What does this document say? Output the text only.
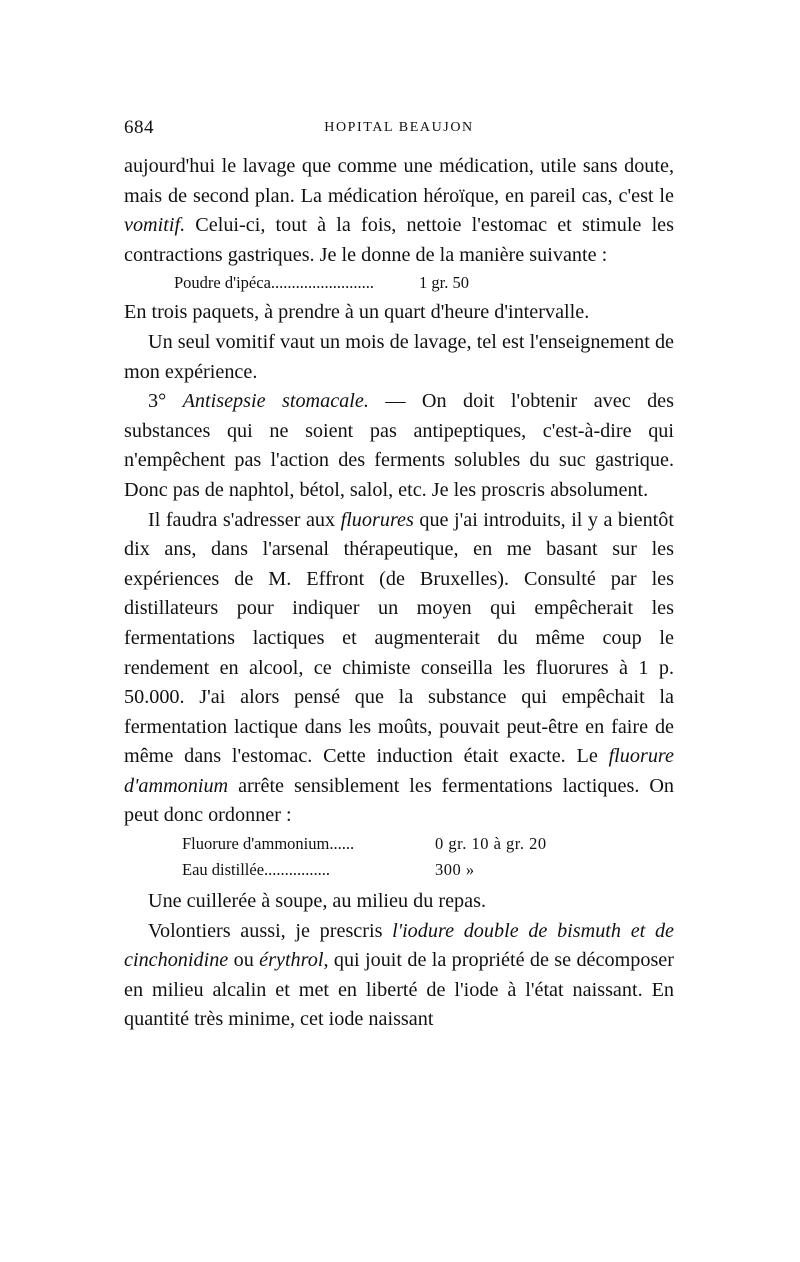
684	HOPITAL BEAUJON

aujourd'hui le lavage que comme une médication, utile sans doute, mais de second plan. La médication héroïque, en pareil cas, c'est le vomitif. Celui-ci, tout à la fois, nettoie l'estomac et stimule les contractions gastriques. Je le donne de la manière suivante :

Poudre d'ipéca.........................	1 gr. 50

En trois paquets, à prendre à un quart d'heure d'intervalle.

Un seul vomitif vaut un mois de lavage, tel est l'enseignement de mon expérience.

3° Antisepsie stomacale. — On doit l'obtenir avec des substances qui ne soient pas antipeptiques, c'est-à-dire qui n'empêchent pas l'action des ferments solubles du suc gastrique. Donc pas de naphtol, bétol, salol, etc. Je les proscris absolument.

Il faudra s'adresser aux fluorures que j'ai introduits, il y a bientôt dix ans, dans l'arsenal thérapeutique, en me basant sur les expériences de M. Effront (de Bruxelles). Consulté par les distillateurs pour indiquer un moyen qui empêcherait les fermentations lactiques et augmenterait du même coup le rendement en alcool, ce chimiste conseilla les fluorures à 1 p. 50.000. J'ai alors pensé que la substance qui empêchait la fermentation lactique dans les moûts, pouvait peut-être en faire de même dans l'estomac. Cette induction était exacte. Le fluorure d'ammonium arrête sensiblement les fermentations lactiques. On peut donc ordonner :

Fluorure d'ammonium......	0 gr. 10 à gr. 20
Eau distillée................	300 »

Une cuillerée à soupe, au milieu du repas.

Volontiers aussi, je prescris l'iodure double de bismuth et de cinchonidine ou érythrol, qui jouit de la propriété de se décomposer en milieu alcalin et met en liberté de l'iode à l'état naissant. En quantité très minime, cet iode naissant
